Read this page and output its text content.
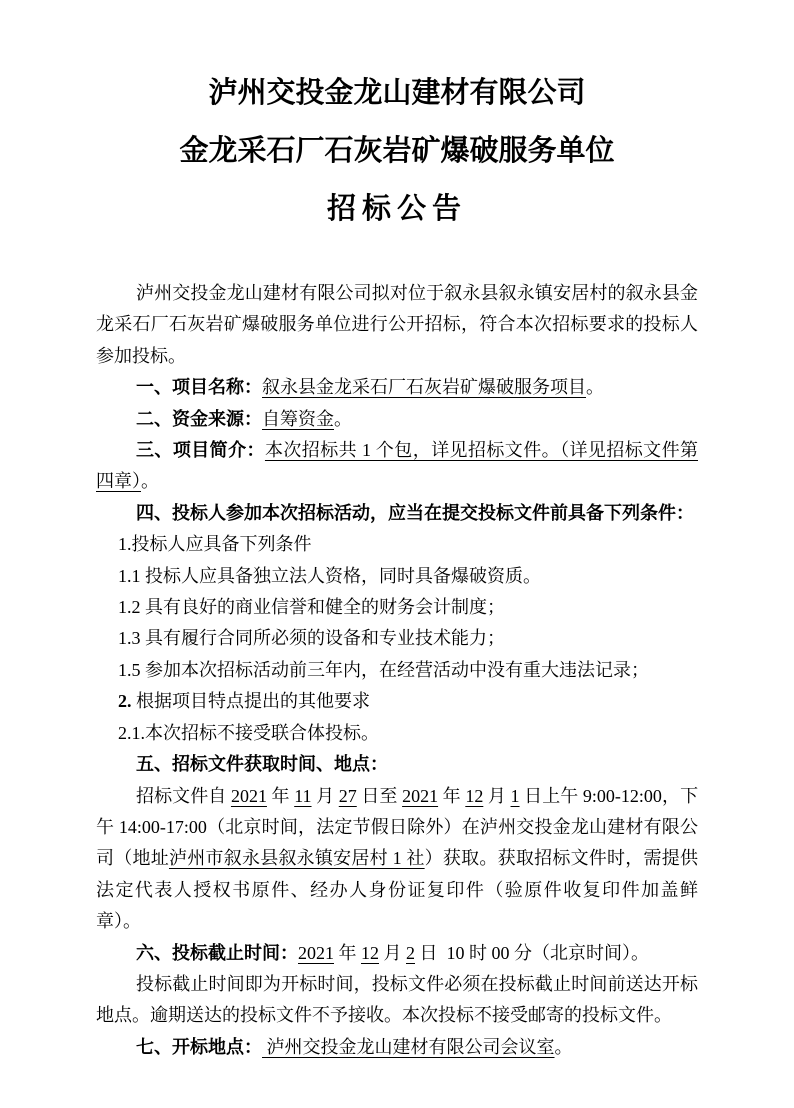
泸州交投金龙山建材有限公司
金龙采石厂石灰岩矿爆破服务单位
招标公告

泸州交投金龙山建材有限公司拟对位于叙永县叙永镇安居村的叙永县金龙采石厂石灰岩矿爆破服务单位进行公开招标，符合本次招标要求的投标人参加投标。

一、项目名称：叙永县金龙采石厂石灰岩矿爆破服务项目。

二、资金来源：自筹资金。

三、项目简介：本次招标共 1 个包，详见招标文件。（详见招标文件第四章）。

四、投标人参加本次招标活动，应当在提交投标文件前具备下列条件：

1.投标人应具备下列条件

1.1 投标人应具备独立法人资格，同时具备爆破资质。

1.2 具有良好的商业信誉和健全的财务会计制度；

1.3 具有履行合同所必须的设备和专业技术能力；

1.5 参加本次招标活动前三年内，在经营活动中没有重大违法记录；

2. 根据项目特点提出的其他要求

2.1.本次招标不接受联合体投标。

五、招标文件获取时间、地点：

招标文件自 2021 年 11 月 27 日至 2021 年 12 月 1 日上午 9:00-12:00，下午 14:00-17:00（北京时间，法定节假日除外）在泸州交投金龙山建材有限公司（地址泸州市叙永县叙永镇安居村 1 社）获取。获取招标文件时，需提供法定代表人授权书原件、经办人身份证复印件（验原件收复印件加盖鲜章）。

六、投标截止时间：2021 年 12 月 2 日  10 时 00 分（北京时间）。

投标截止时间即为开标时间，投标文件必须在投标截止时间前送达开标地点。逾期送达的投标文件不予接收。本次投标不接受邮寄的投标文件。

七、开标地点： 泸州交投金龙山建材有限公司会议室。
